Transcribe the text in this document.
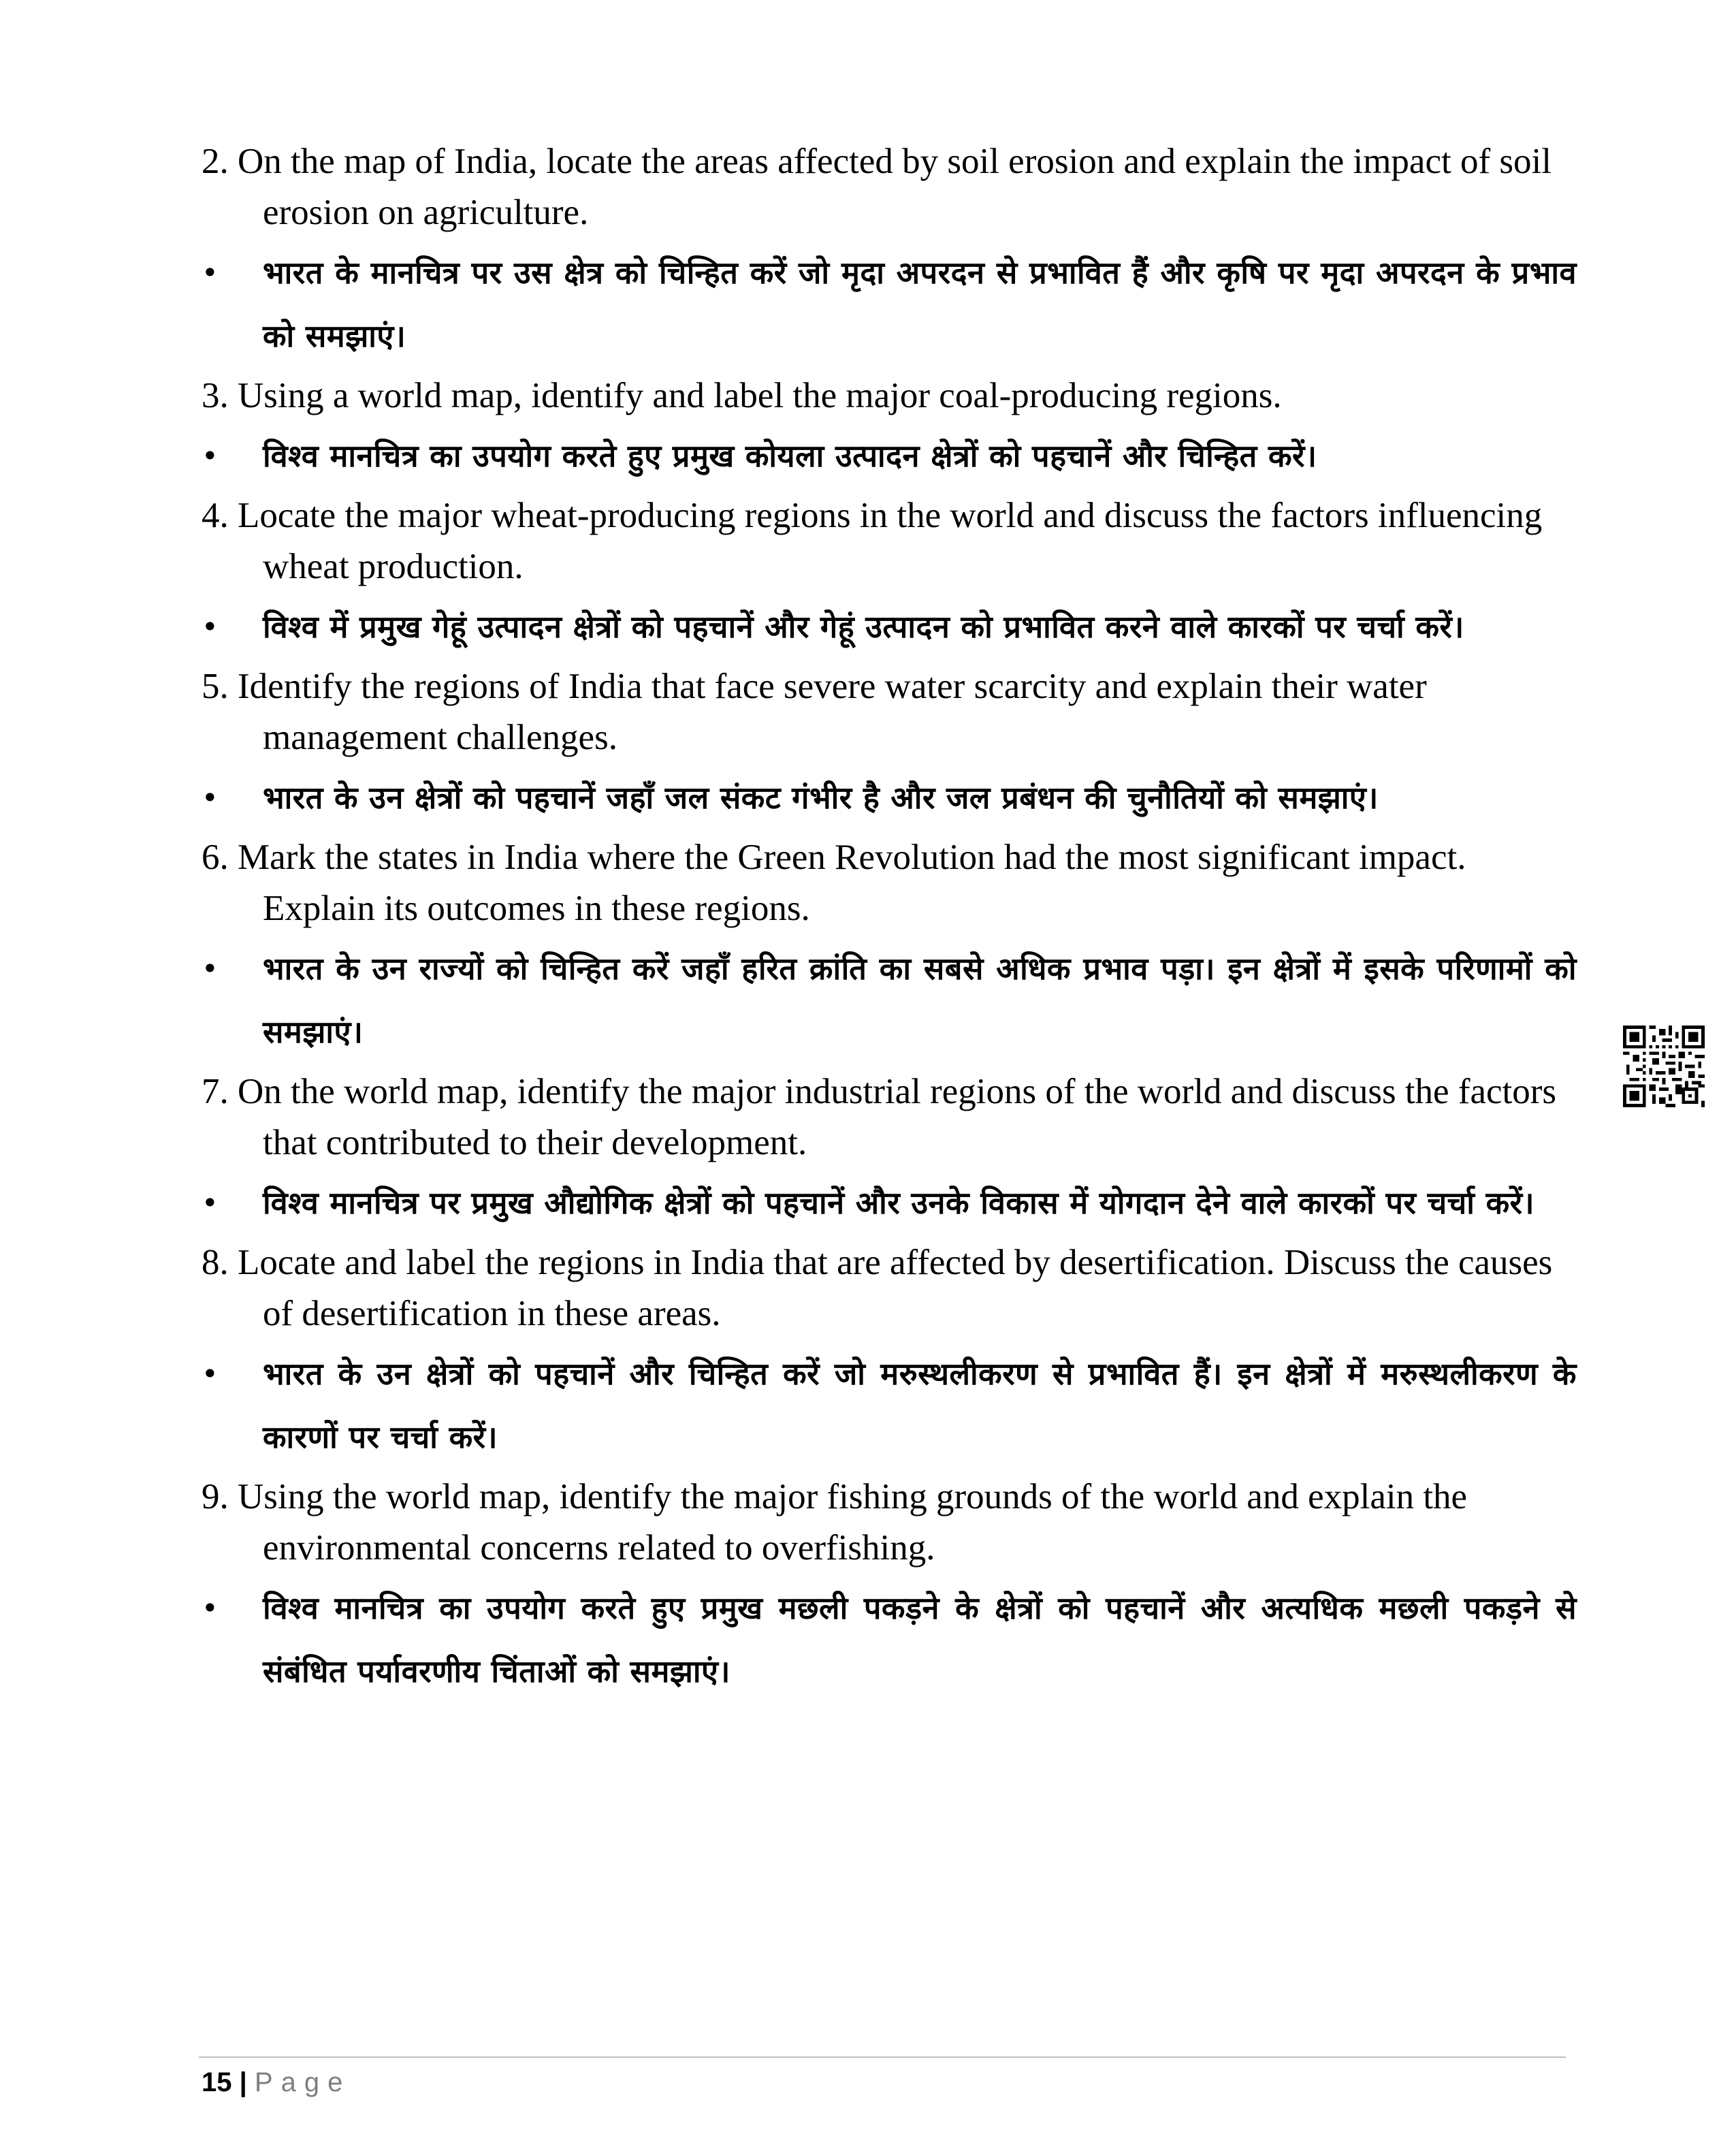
2. On the map of India, locate the areas affected by soil erosion and explain the impact of soil erosion on agriculture.
• भारत के मानचित्र पर उस क्षेत्र को चिन्हित करें जो मृदा अपरदन से प्रभावित हैं और कृषि पर मृदा अपरदन के प्रभाव को समझाएं।
3. Using a world map, identify and label the major coal-producing regions.
• विश्व मानचित्र का उपयोग करते हुए प्रमुख कोयला उत्पादन क्षेत्रों को पहचानें और चिन्हित करें।
4. Locate the major wheat-producing regions in the world and discuss the factors influencing wheat production.
• विश्व में प्रमुख गेहूं उत्पादन क्षेत्रों को पहचानें और गेहूं उत्पादन को प्रभावित करने वाले कारकों पर चर्चा करें।
5. Identify the regions of India that face severe water scarcity and explain their water management challenges.
• भारत के उन क्षेत्रों को पहचानें जहाँ जल संकट गंभीर है और जल प्रबंधन की चुनौतियों को समझाएं।
6. Mark the states in India where the Green Revolution had the most significant impact. Explain its outcomes in these regions.
• भारत के उन राज्यों को चिन्हित करें जहाँ हरित क्रांति का सबसे अधिक प्रभाव पड़ा। इन क्षेत्रों में इसके परिणामों को समझाएं।
7. On the world map, identify the major industrial regions of the world and discuss the factors that contributed to their development.
• विश्व मानचित्र पर प्रमुख औद्योगिक क्षेत्रों को पहचानें और उनके विकास में योगदान देने वाले कारकों पर चर्चा करें।
8. Locate and label the regions in India that are affected by desertification. Discuss the causes of desertification in these areas.
• भारत के उन क्षेत्रों को पहचानें और चिन्हित करें जो मरुस्थलीकरण से प्रभावित हैं। इन क्षेत्रों में मरुस्थलीकरण के कारणों पर चर्चा करें।
9. Using the world map, identify the major fishing grounds of the world and explain the environmental concerns related to overfishing.
• विश्व मानचित्र का उपयोग करते हुए प्रमुख मछली पकड़ने के क्षेत्रों को पहचानें और अत्यधिक मछली पकड़ने से संबंधित पर्यावरणीय चिंताओं को समझाएं।
15 | Page
